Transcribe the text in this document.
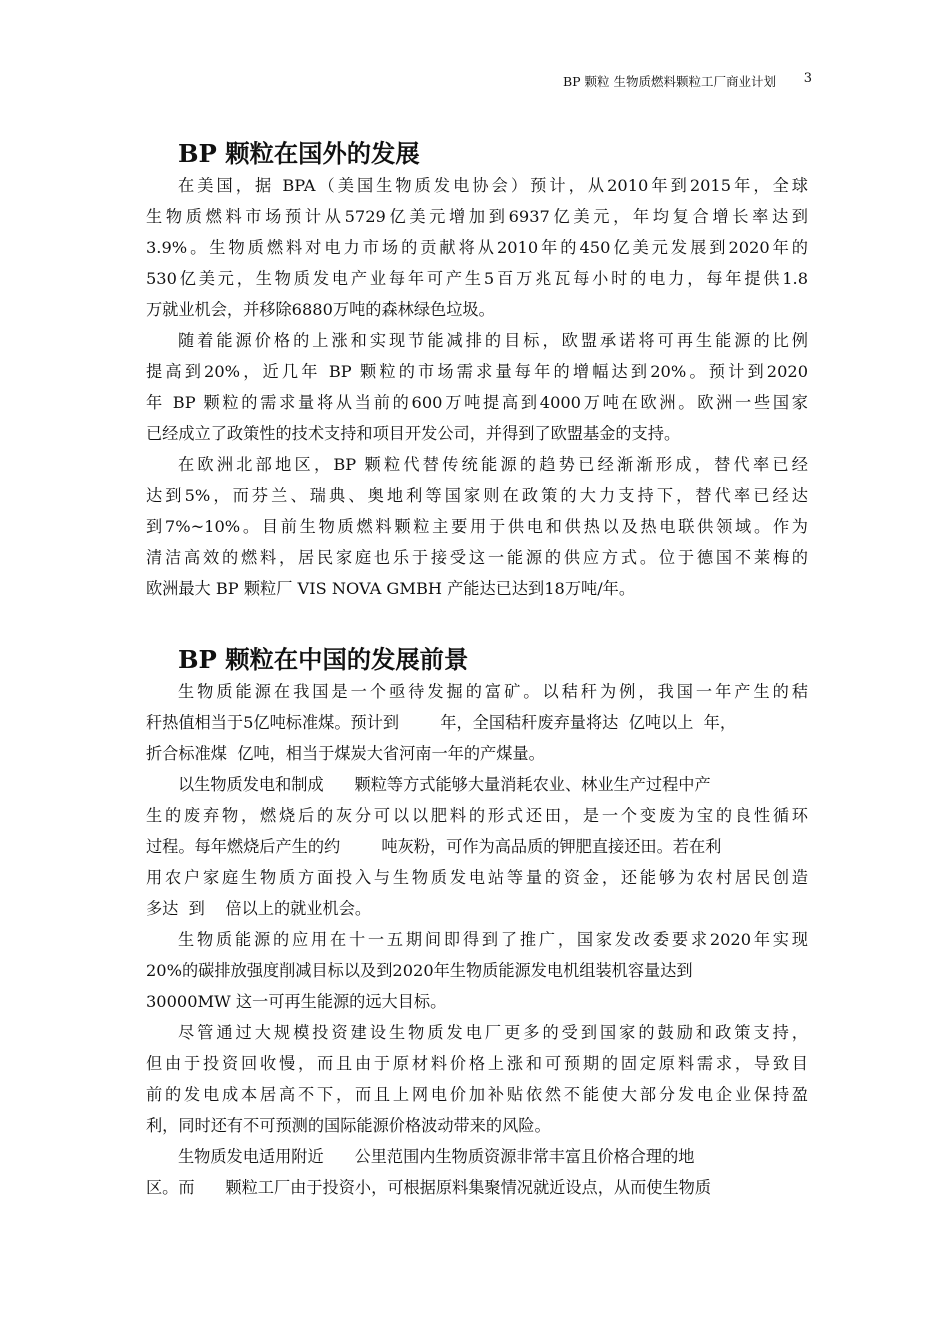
BP 颗粒 生物质燃料颗粒工厂商业计划 3
BP 颗粒在国外的发展
在美国，据 BPA（美国生物质发电协会）预计，从2010年到2015年，全球
生物质燃料市场预计从5729亿美元增加到6937亿美元，年均复合增长率达到
3.9%。生物质燃料对电力市场的贡献将从2010年的450亿美元发展到2020年的
530亿美元，生物质发电产业每年可产生5百万兆瓦每小时的电力，每年提供1.8
万就业机会，并移除6880万吨的森林绿色垃圾。
随着能源价格的上涨和实现节能减排的目标，欧盟承诺将可再生能源的比例
提高到20%，近几年 BP 颗粒的市场需求量每年的增幅达到20%。预计到2020
年 BP 颗粒的需求量将从当前的600万吨提高到4000万吨在欧洲。欧洲一些国家
已经成立了政策性的技术支持和项目开发公司，并得到了欧盟基金的支持。
在欧洲北部地区，BP 颗粒代替传统能源的趋势已经渐渐形成，替代率已经
达到5%，而芬兰、瑞典、奥地利等国家则在政策的大力支持下，替代率已经达
到7%~10%。目前生物质燃料颗粒主要用于供电和供热以及热电联供领域。作为
清洁高效的燃料，居民家庭也乐于接受这一能源的供应方式。位于德国不莱梅的
欧洲最大 BP 颗粒厂 VIS NOVA GMBH 产能达已达到18万吨/年。
BP 颗粒在中国的发展前景
生物质能源在我国是一个亟待发掘的富矿。以秸秆为例，我国一年产生的秸
秆热值相当于5亿吨标准煤。预计到        年，全国秸秆废弃量将达  亿吨以上  年，
折合标准煤  亿吨，相当于煤炭大省河南一年的产煤量。
以生物质发电和制成      颗粒等方式能够大量消耗农业、林业生产过程中产
生的废弃物，燃烧后的灰分可以以肥料的形式还田，是一个变废为宝的良性循环
过程。每年燃烧后产生的约        吨灰粉，可作为高品质的钾肥直接还田。若在利
用农户家庭生物质方面投入与生物质发电站等量的资金，还能够为农村居民创造
多达  到    倍以上的就业机会。
生物质能源的应用在十一五期间即得到了推广，国家发改委要求2020年实现
20%的碳排放强度削减目标以及到2020年生物质能源发电机组装机容量达到
30000MW 这一可再生能源的远大目标。
尽管通过大规模投资建设生物质发电厂更多的受到国家的鼓励和政策支持，
但由于投资回收慢，而且由于原材料价格上涨和可预期的固定原料需求，导致目
前的发电成本居高不下，而且上网电价加补贴依然不能使大部分发电企业保持盈
利，同时还有不可预测的国际能源价格波动带来的风险。
生物质发电适用附近      公里范围内生物质资源非常丰富且价格合理的地
区。而      颗粒工厂由于投资小，可根据原料集聚情况就近设点，从而使生物质
